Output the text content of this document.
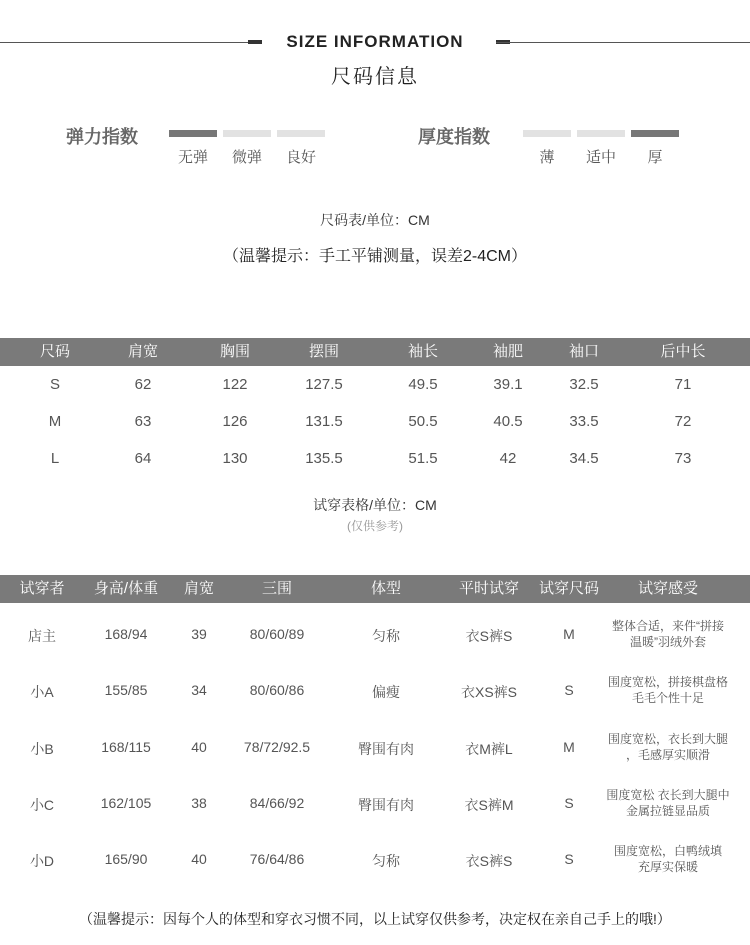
SIZE INFORMATION
尺码信息
弹力指数
无弹	微弹	良好
厚度指数
薄	适中	厚
尺码表/单位：CM
（温馨提示：手工平铺测量，误差2-4CM）
尺码	肩宽	胸围	摆围	袖长	袖肥	袖口	后中长
S	62	122	127.5	49.5	39.1	32.5	71
M	63	126	131.5	50.5	40.5	33.5	72
L	64	130	135.5	51.5	42	34.5	73
试穿表格/单位：CM
(仅供参考)
试穿者	身高/体重	肩宽	三围	体型	平时试穿	试穿尺码	试穿感受
店主	168/94	39	80/60/89	匀称	衣S裤S	M	整体合适，来件“拼接
温暖”羽绒外套
小A	155/85	34	80/60/86	偏瘦	衣XS裤S	S	围度宽松，拼接棋盘格
毛毛个性十足
小B	168/115	40	78/72/92.5	臀围有肉	衣M裤L	M	围度宽松，衣长到大腿
，毛感厚实顺滑
小C	162/105	38	84/66/92	臀围有肉	衣S裤M	S	围度宽松 衣长到大腿中
金属拉链显品质
小D	165/90	40	76/64/86	匀称	衣S裤S	S	围度宽松，白鸭绒填
充厚实保暖
（温馨提示：因每个人的体型和穿衣习惯不同，以上试穿仅供参考，决定权在亲自己手上的哦!）
